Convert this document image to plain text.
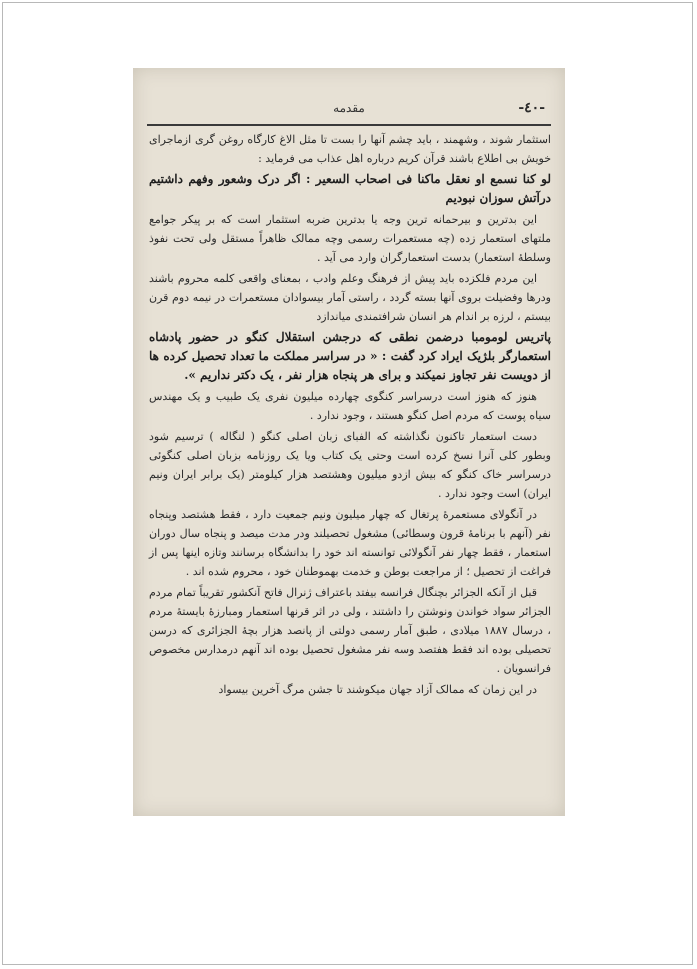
-٤٠-
مقدمه

استثمار شوند ، وشهمند ، باید چشم آنها را بست تا مثل الاغ کارگاه روغن گری ازماجرای خویش بی اطلاع باشند قرآن کریم درباره اهل عذاب می فرماید :

لو کنا نسمع او نعقل ماکنا فی اصحاب السعیر : اگر درک وشعور وفهم داشتیم درآتش سوزان نبودیم

این بدترین و بیرحمانه ترین وجه یا بدترین ضربه استثمار است که بر پیکر جوامع ملتهای استعمار زده (چه مستعمرات رسمی وچه ممالک ظاهراً مستقل ولی تحت نفوذ وسلطهٔ استعمار) بدست استعمارگران وارد می آید .

این مردم فلکزده باید پیش از فرهنگ وعلم وادب ، بمعنای واقعی کلمه محروم باشند ودرها وفضیلت بروی آنها بسته گردد ، راستی آمار بیسوادان مستعمرات در نیمه دوم قرن بیستم ، لرزه بر اندام هر انسان شرافتمندی میاندازد

پاتریس لومومبا درضمن نطقی که درجشن استقلال کنگو در حضور پادشاه استعمارگر بلژیک ایراد کرد گفت : « در سراسر مملکت ما تعداد تحصیل کرده ها از دویست نفر تجاوز نمیکند و برای هر پنجاه هزار نفر ، یک دکتر نداریم ».

هنوز که هنوز است درسراسر کنگوی چهارده میلیون نفری یک طبیب و یک مهندس سیاه پوست که مردم اصل کنگو هستند ، وجود ندارد .

دست استعمار تاکنون نگذاشته که الفبای زبان اصلی کنگو ( لنگاله ) ترسیم شود وبطور کلی آنرا نسخ کرده است وحتی یک کتاب ویا یک روزنامه بزبان اصلی کنگوئی درسراسر خاک کنگو که بیش ازدو میلیون وهشتصد هزار کیلومتر (یک برابر ایران ونیم ایران) است وجود ندارد .

در آنگولای مستعمرهٔ پرتغال که چهار میلیون ونیم جمعیت دارد ، فقط هشتصد وپنجاه نفر (آنهم با برنامهٔ قرون وسطائی) مشغول تحصیلند ودر مدت میصد و پنجاه سال دوران استعمار ، فقط چهار نفر آنگولائی توانسته اند خود را بدانشگاه برسانند وتازه اینها پس از فراغت از تحصیل ؛ از مراجعت بوطن و خدمت بهموطنان خود ، محروم شده اند .

قبل از آنکه الجزائر بچنگال فرانسه بیفتد باعتراف ژنرال فاتح آنکشور تقریباً تمام مردم الجزائر سواد خواندن ونوشتن را داشتند ، ولی در اثر قرنها استعمار ومبارزهٔ بایستهٔ مردم ، درسال ۱۸۸۷ میلادی ، طبق آمار رسمی دولتی از پانصد هزار بچهٔ الجزائری که درسن تحصیلی بوده اند فقط هفتصد وسه نفر مشغول تحصیل بوده اند آنهم درمدارس مخصوص فرانسویان .

در این زمان که ممالک آزاد جهان میکوشند تا جشن مرگ آخرین بیسواد
